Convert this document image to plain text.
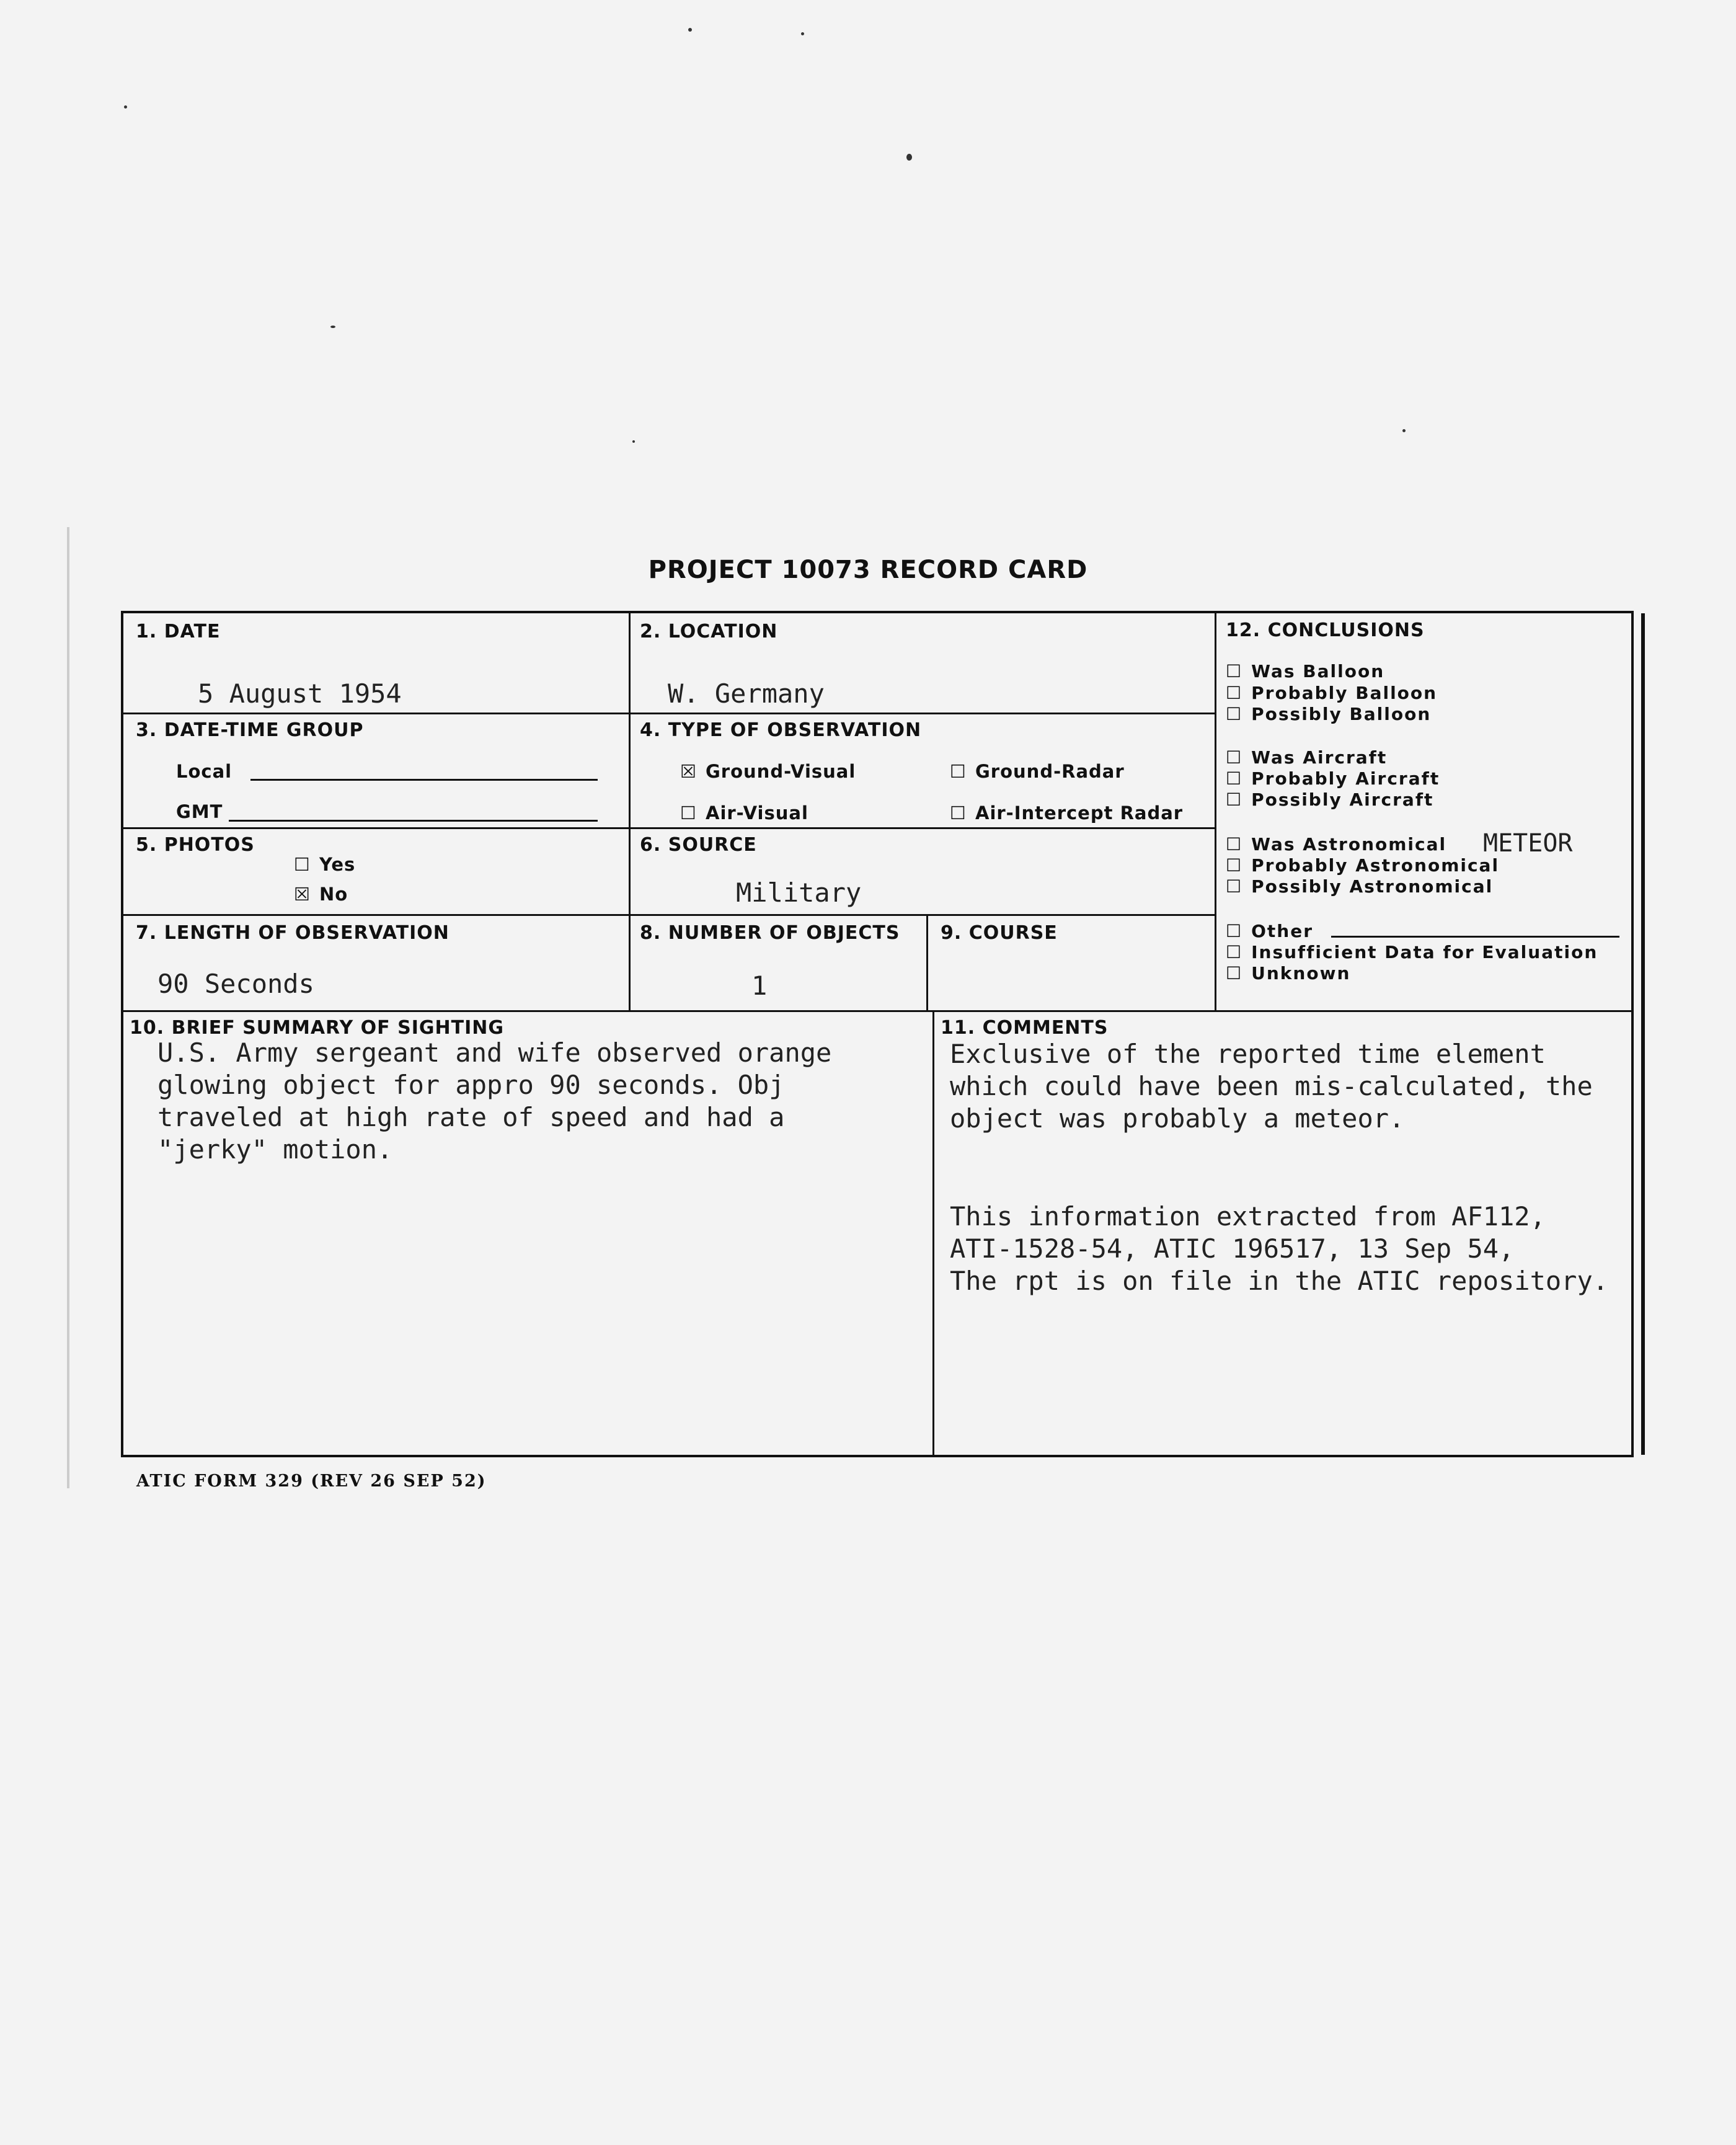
PROJECT 10073 RECORD CARD
1. DATE
5 August 1954
2. LOCATION
W. Germany
3. DATE-TIME GROUP
Local
GMT
4. TYPE OF OBSERVATION
☒ Ground-Visual	☐ Ground-Radar
☐ Air-Visual	☐ Air-Intercept Radar
5. PHOTOS
☐ Yes
☒ No
6. SOURCE
Military
7. LENGTH OF OBSERVATION
90 Seconds
8. NUMBER OF OBJECTS
1
9. COURSE
12. CONCLUSIONS
☐ Was Balloon
☐ Probably Balloon
☐ Possibly Balloon
☐ Was Aircraft
☐ Probably Aircraft
☐ Possibly Aircraft
☐ Was Astronomical
☐ Probably Astronomical
☐ Possibly Astronomical
☐ Other
☐ Insufficient Data for Evaluation
☐ Unknown
METEOR
10. BRIEF SUMMARY OF SIGHTING
U.S. Army sergeant and wife observed orange
glowing object for appro 90 seconds. Obj
traveled at high rate of speed and had a
"jerky" motion.
11. COMMENTS
Exclusive of the reported time element
which could have been mis-calculated, the
object was probably a meteor.
This information extracted from AF112,
ATI-1528-54, ATIC 196517, 13 Sep 54,
The rpt is on file in the ATIC repository.
ATIC FORM 329 (REV 26 SEP 52)
